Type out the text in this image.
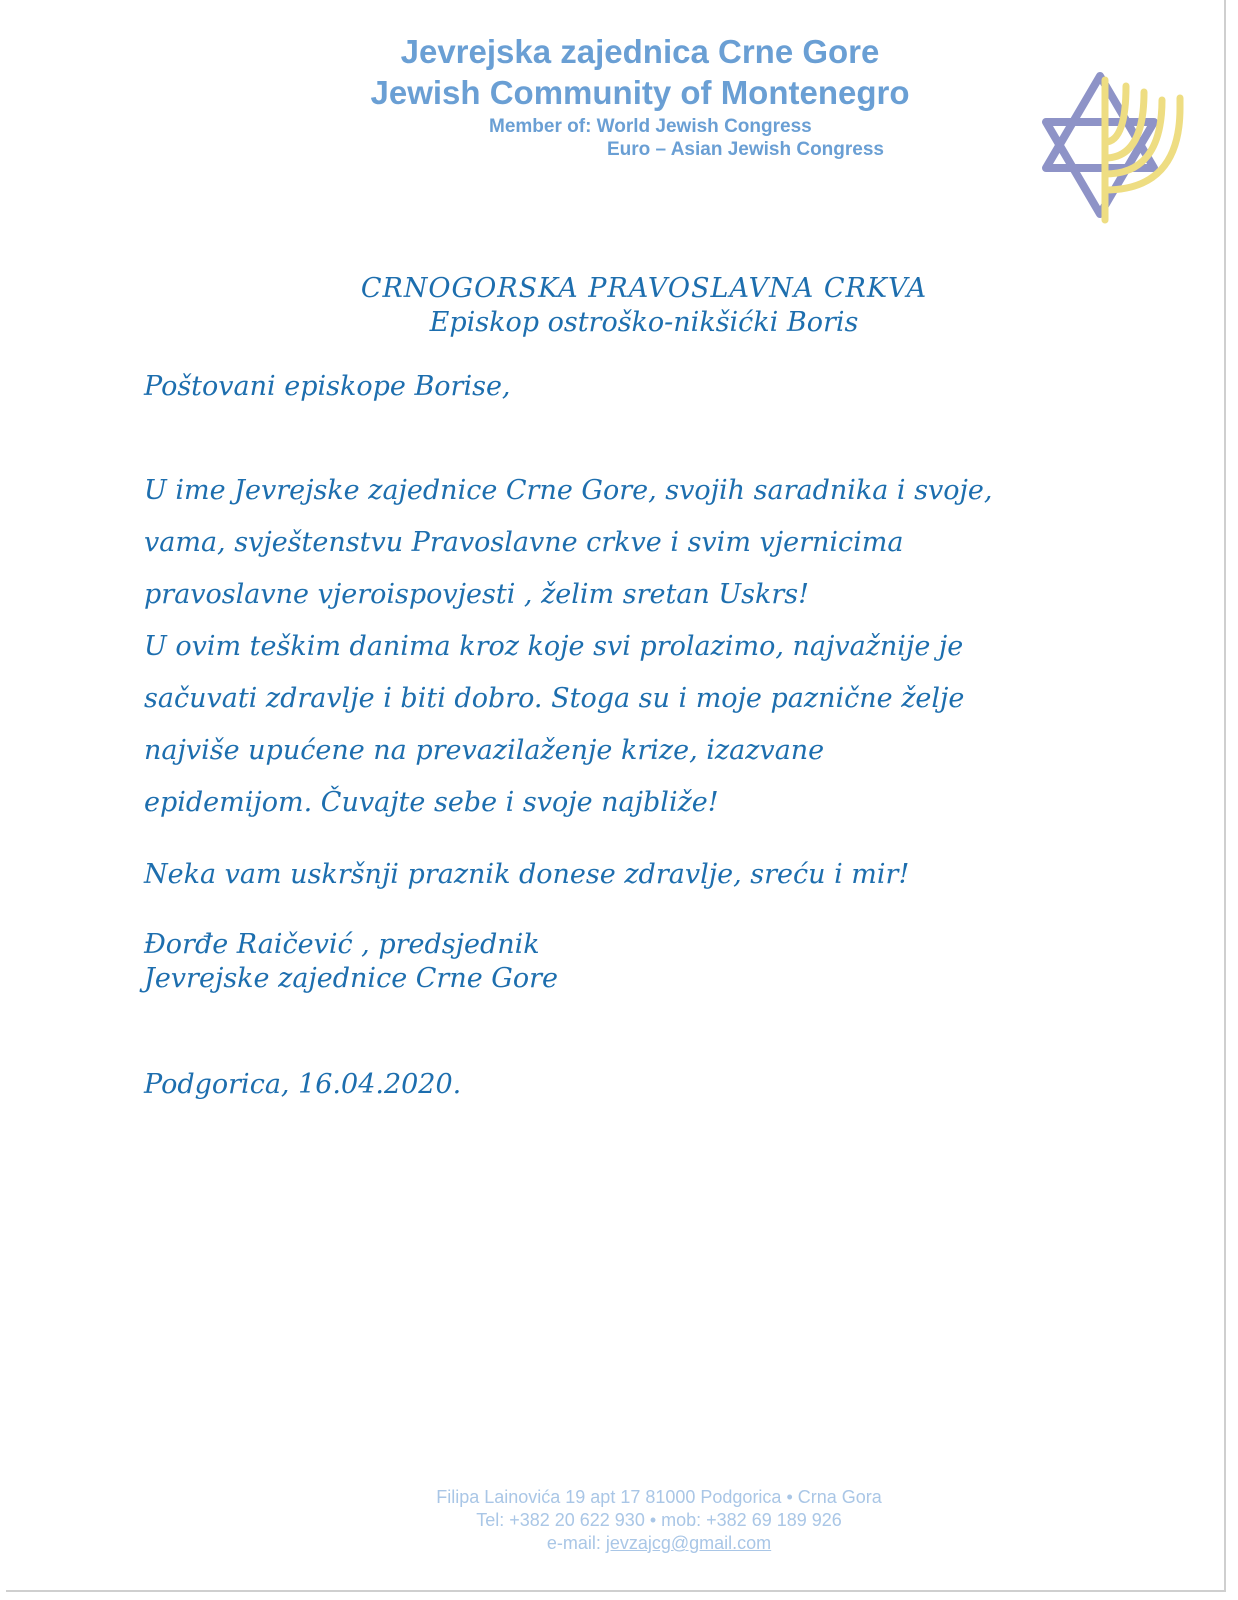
Jevrejska zajednica Crne Gore
Jewish Community of Montenegro
Member of: World Jewish Congress
Euro – Asian Jewish Congress
CRNOGORSKA PRAVOSLAVNA CRKVA
Episkop ostroško-nikšićki Boris
Poštovani episkope Borise,
U ime Jevrejske zajednice Crne Gore, svojih saradnika i svoje,
vama, svještenstvu Pravoslavne crkve i svim vjernicima
pravoslavne vjeroispovjesti , želim sretan Uskrs!
U ovim teškim danima kroz koje svi prolazimo, najvažnije je
sačuvati zdravlje i biti dobro. Stoga su i moje paznične želje
najviše upućene na prevazilaženje krize, izazvane
epidemijom. Čuvajte sebe i svoje najbliže!
Neka vam uskršnji praznik donese zdravlje, sreću i mir!
Đorđe Raičević , predsjednik
Jevrejske zajednice Crne Gore
Podgorica, 16.04.2020.
Filipa Lainovića 19 apt 17 81000 Podgorica • Crna Gora
Tel: +382 20 622 930 • mob: +382 69 189 926
e-mail: jevzajcg@gmail.com
